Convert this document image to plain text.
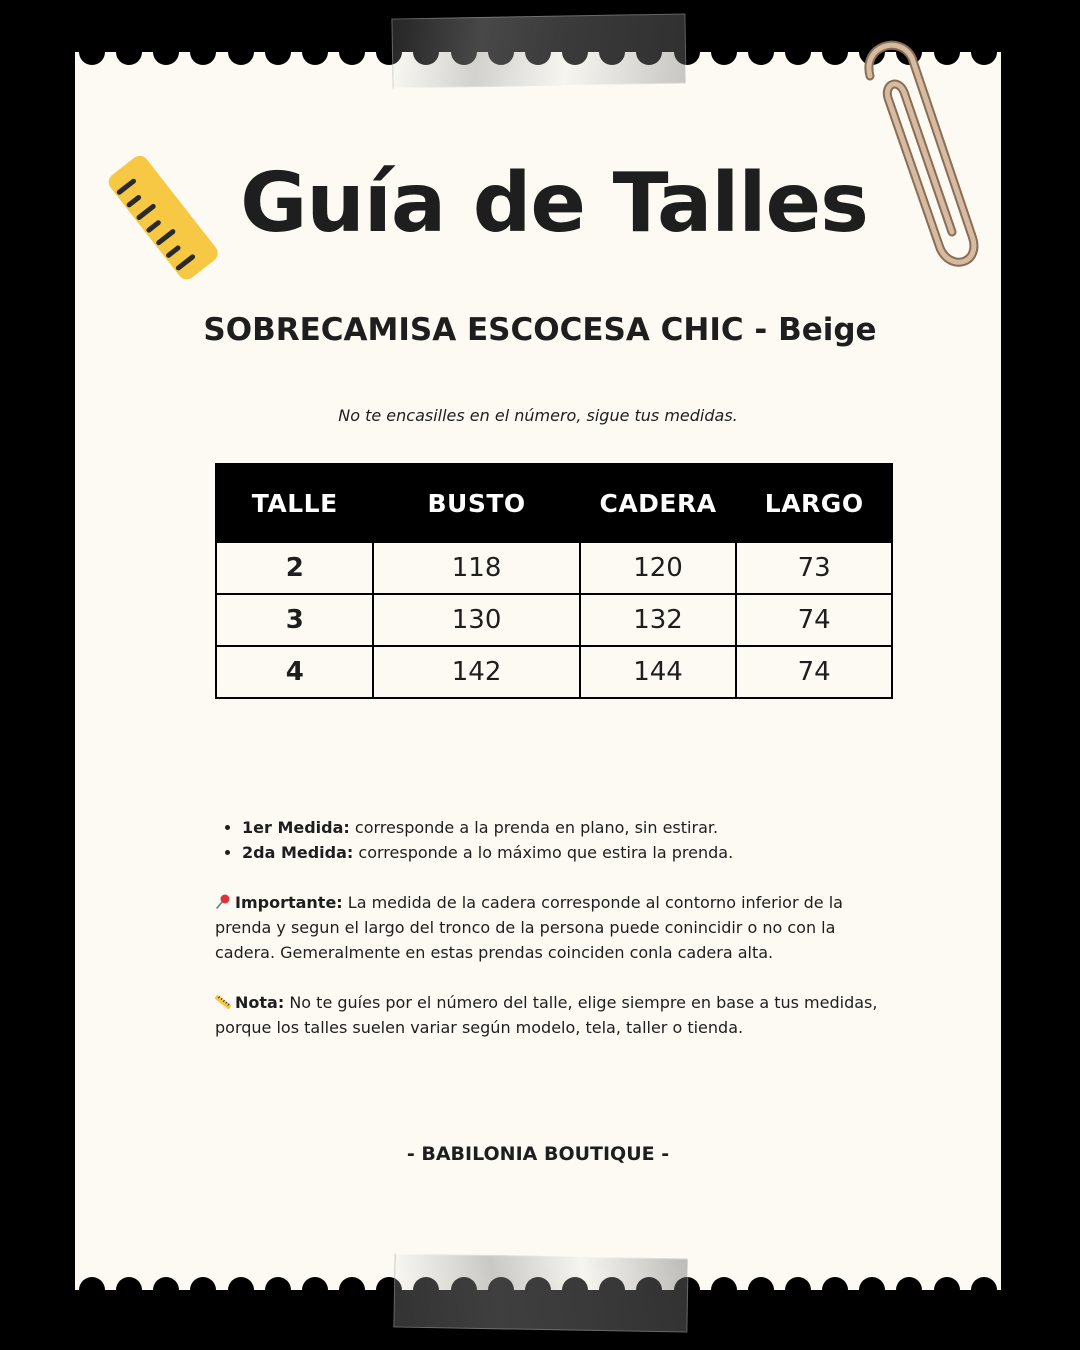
Guía de Talles
SOBRECAMISA ESCOCESA CHIC - Beige
No te encasilles en el número, sigue tus medidas.
TALLE	BUSTO	CADERA	LARGO
2	118	120	73
3	130	132	74
4	142	144	74
• 1er Medida: corresponde a la prenda en plano, sin estirar.
• 2da Medida: corresponde a lo máximo que estira la prenda.

Importante: La medida de la cadera corresponde al contorno inferior de la prenda y segun el largo del tronco de la persona puede conincidir o no con la cadera. Gemeralmente en estas prendas coinciden conla cadera alta.

Nota: No te guíes por el número del talle, elige siempre en base a tus medidas, porque los talles suelen variar según modelo, tela, taller o tienda.

- BABILONIA BOUTIQUE -
